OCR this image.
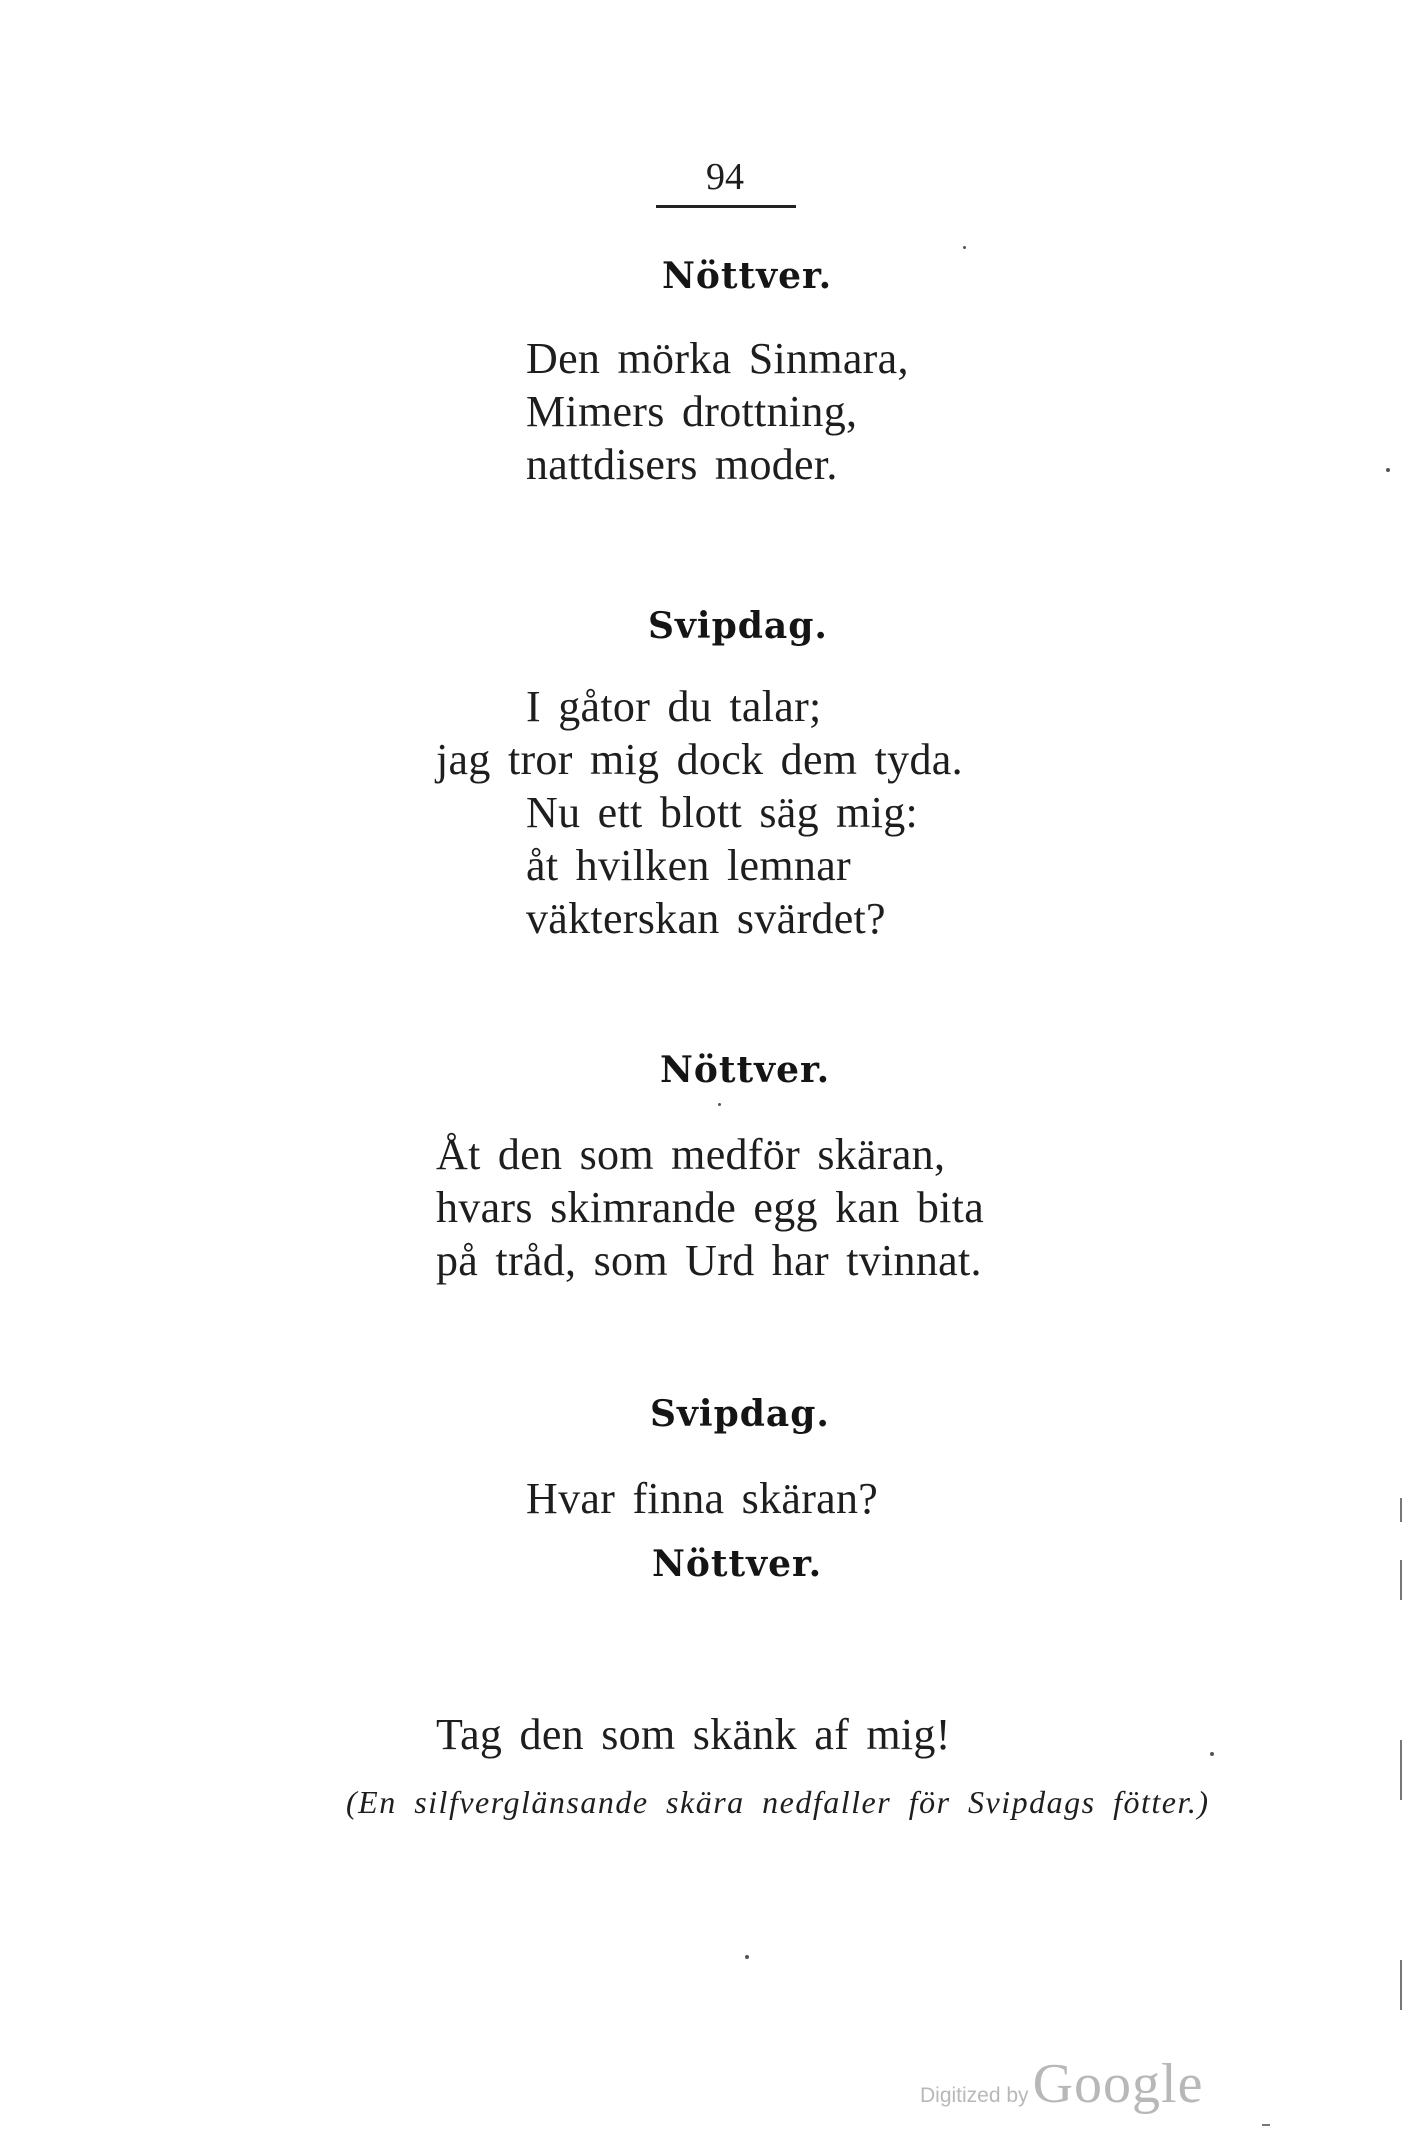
94
Nöttver.
Den mörka Sinmara,
Mimers drottning,
nattdisers moder.
Svipdag.
I gåtor du talar;
jag tror mig dock dem tyda.
Nu ett blott säg mig:
åt hvilken lemnar
väkterskan svärdet?
Nöttver.
Åt den som medför skäran,
hvars skimrande egg kan bita
på tråd, som Urd har tvinnat.
Svipdag.
Hvar finna skäran?
Nöttver.
Tag den som skänk af mig!
(En silfverglänsande skära nedfaller för Svipdags fötter.)
Digitized by Google
